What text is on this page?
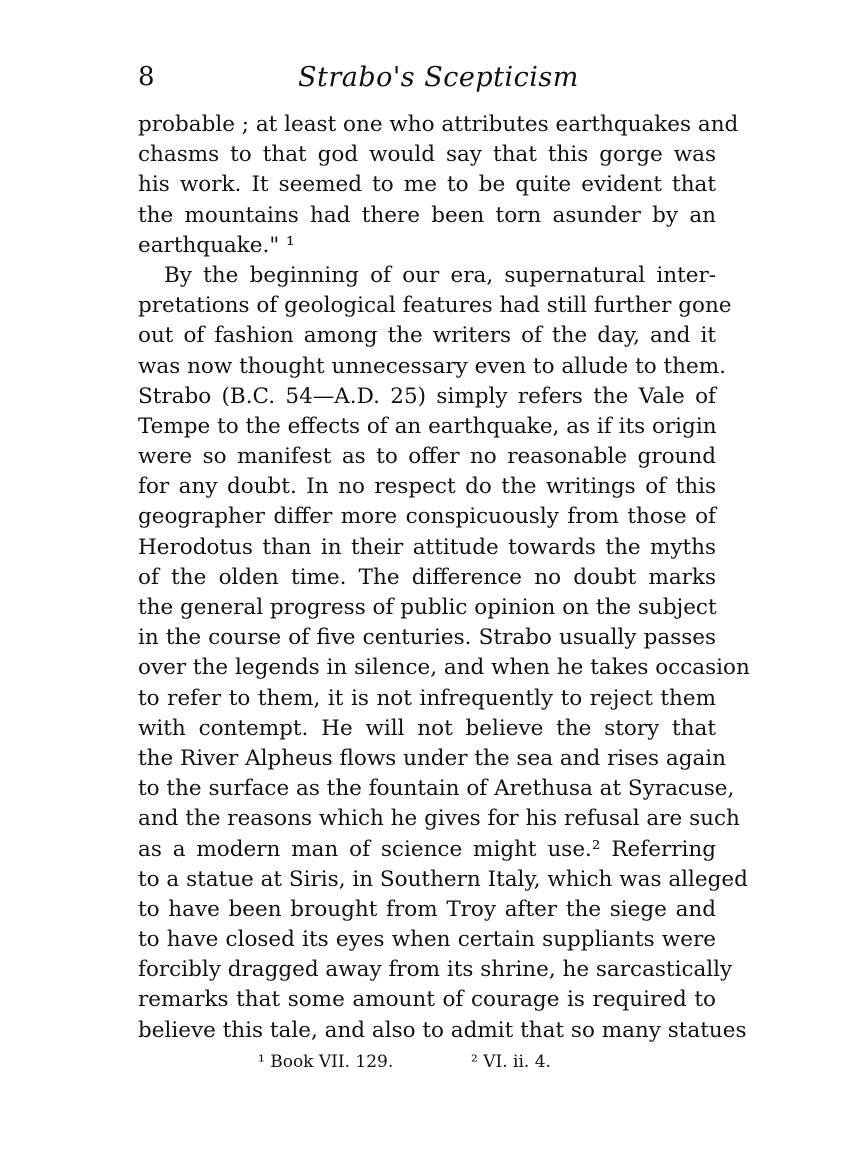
8	Strabo's Scepticism
probable ; at least one who attributes earthquakes and
chasms to that god would say that this gorge was
his work. It seemed to me to be quite evident that
the mountains had there been torn asunder by an
earthquake." ¹
By the beginning of our era, supernatural inter-
pretations of geological features had still further gone
out of fashion among the writers of the day, and it
was now thought unnecessary even to allude to them.
Strabo (B.C. 54—A.D. 25) simply refers the Vale of
Tempe to the effects of an earthquake, as if its origin
were so manifest as to offer no reasonable ground
for any doubt. In no respect do the writings of this
geographer differ more conspicuously from those of
Herodotus than in their attitude towards the myths
of the olden time. The difference no doubt marks
the general progress of public opinion on the subject
in the course of five centuries. Strabo usually passes
over the legends in silence, and when he takes occasion
to refer to them, it is not infrequently to reject them
with contempt. He will not believe the story that
the River Alpheus flows under the sea and rises again
to the surface as the fountain of Arethusa at Syracuse,
and the reasons which he gives for his refusal are such
as a modern man of science might use.² Referring
to a statue at Siris, in Southern Italy, which was alleged
to have been brought from Troy after the siege and
to have closed its eyes when certain suppliants were
forcibly dragged away from its shrine, he sarcastically
remarks that some amount of courage is required to
believe this tale, and also to admit that so many statues
¹ Book VII. 129.	² VI. ii. 4.
